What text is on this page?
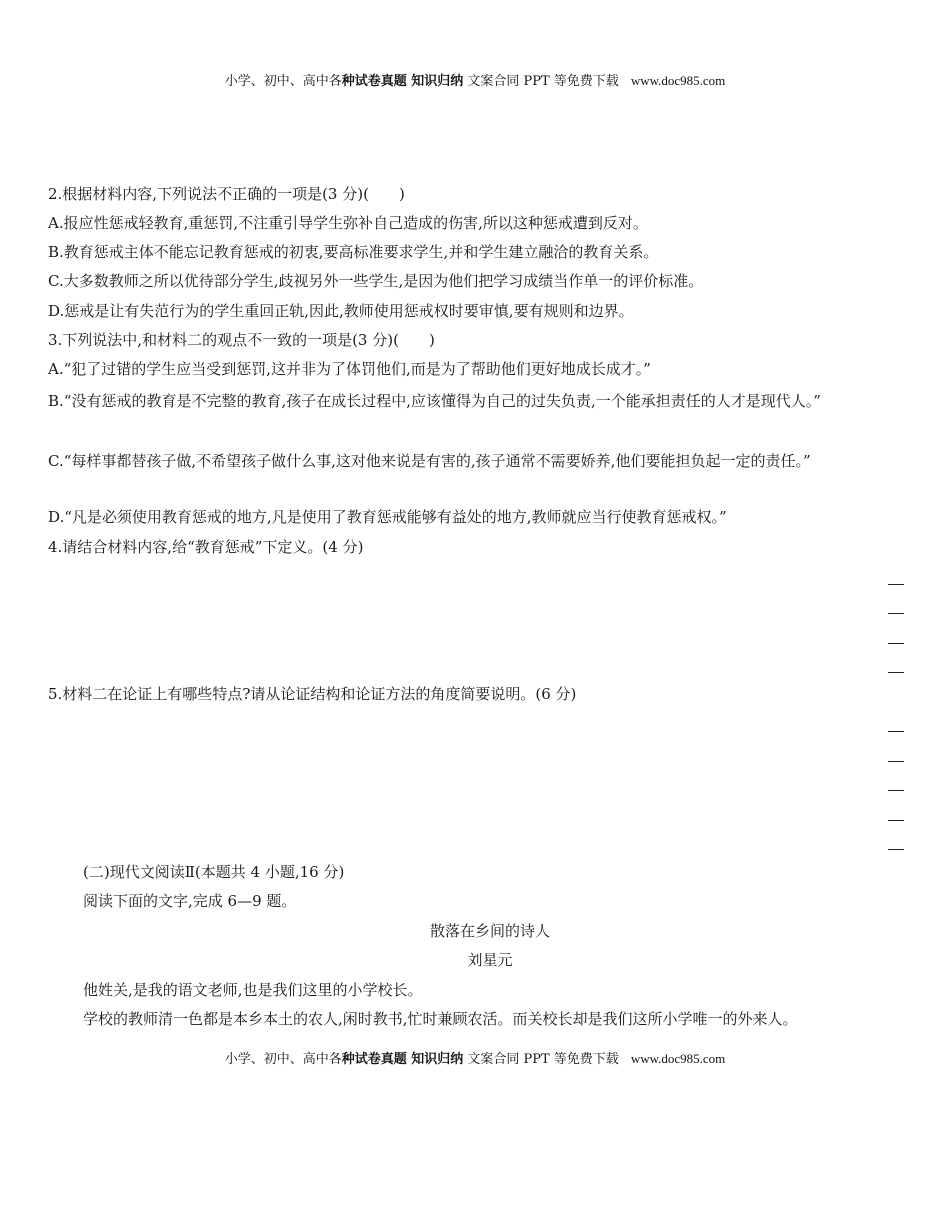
小学、初中、高中各种试卷真题 知识归纳 文案合同 PPT 等免费下载 www.doc985.com
2.根据材料内容,下列说法不正确的一项是(3 分)(　　)
A.报应性惩戒轻教育,重惩罚,不注重引导学生弥补自己造成的伤害,所以这种惩戒遭到反对。
B.教育惩戒主体不能忘记教育惩戒的初衷,要高标准要求学生,并和学生建立融洽的教育关系。
C.大多数教师之所以优待部分学生,歧视另外一些学生,是因为他们把学习成绩当作单一的评价标准。
D.惩戒是让有失范行为的学生重回正轨,因此,教师使用惩戒权时要审慎,要有规则和边界。
3.下列说法中,和材料二的观点不一致的一项是(3 分)(　　)
A.“犯了过错的学生应当受到惩罚,这并非为了体罚他们,而是为了帮助他们更好地成长成才。”
B.“没有惩戒的教育是不完整的教育,孩子在成长过程中,应该懂得为自己的过失负责,一个能承担责任的人才是现代人。”
C.“每样事都替孩子做,不希望孩子做什么事,这对他来说是有害的,孩子通常不需要娇养,他们要能担负起一定的责任。”
D.“凡是必须使用教育惩戒的地方,凡是使用了教育惩戒能够有益处的地方,教师就应当行使教育惩戒权。”
4.请结合材料内容,给“教育惩戒”下定义。(4 分)
5.材料二在论证上有哪些特点?请从论证结构和论证方法的角度简要说明。(6 分)
(二)现代文阅读Ⅱ(本题共 4 小题,16 分)
阅读下面的文字,完成 6—9 题。
散落在乡间的诗人
刘星元
他姓关,是我的语文老师,也是我们这里的小学校长。
学校的教师清一色都是本乡本土的农人,闲时教书,忙时兼顾农活。而关校长却是我们这所小学唯一的外来人。
小学、初中、高中各种试卷真题 知识归纳 文案合同 PPT 等免费下载 www.doc985.com
